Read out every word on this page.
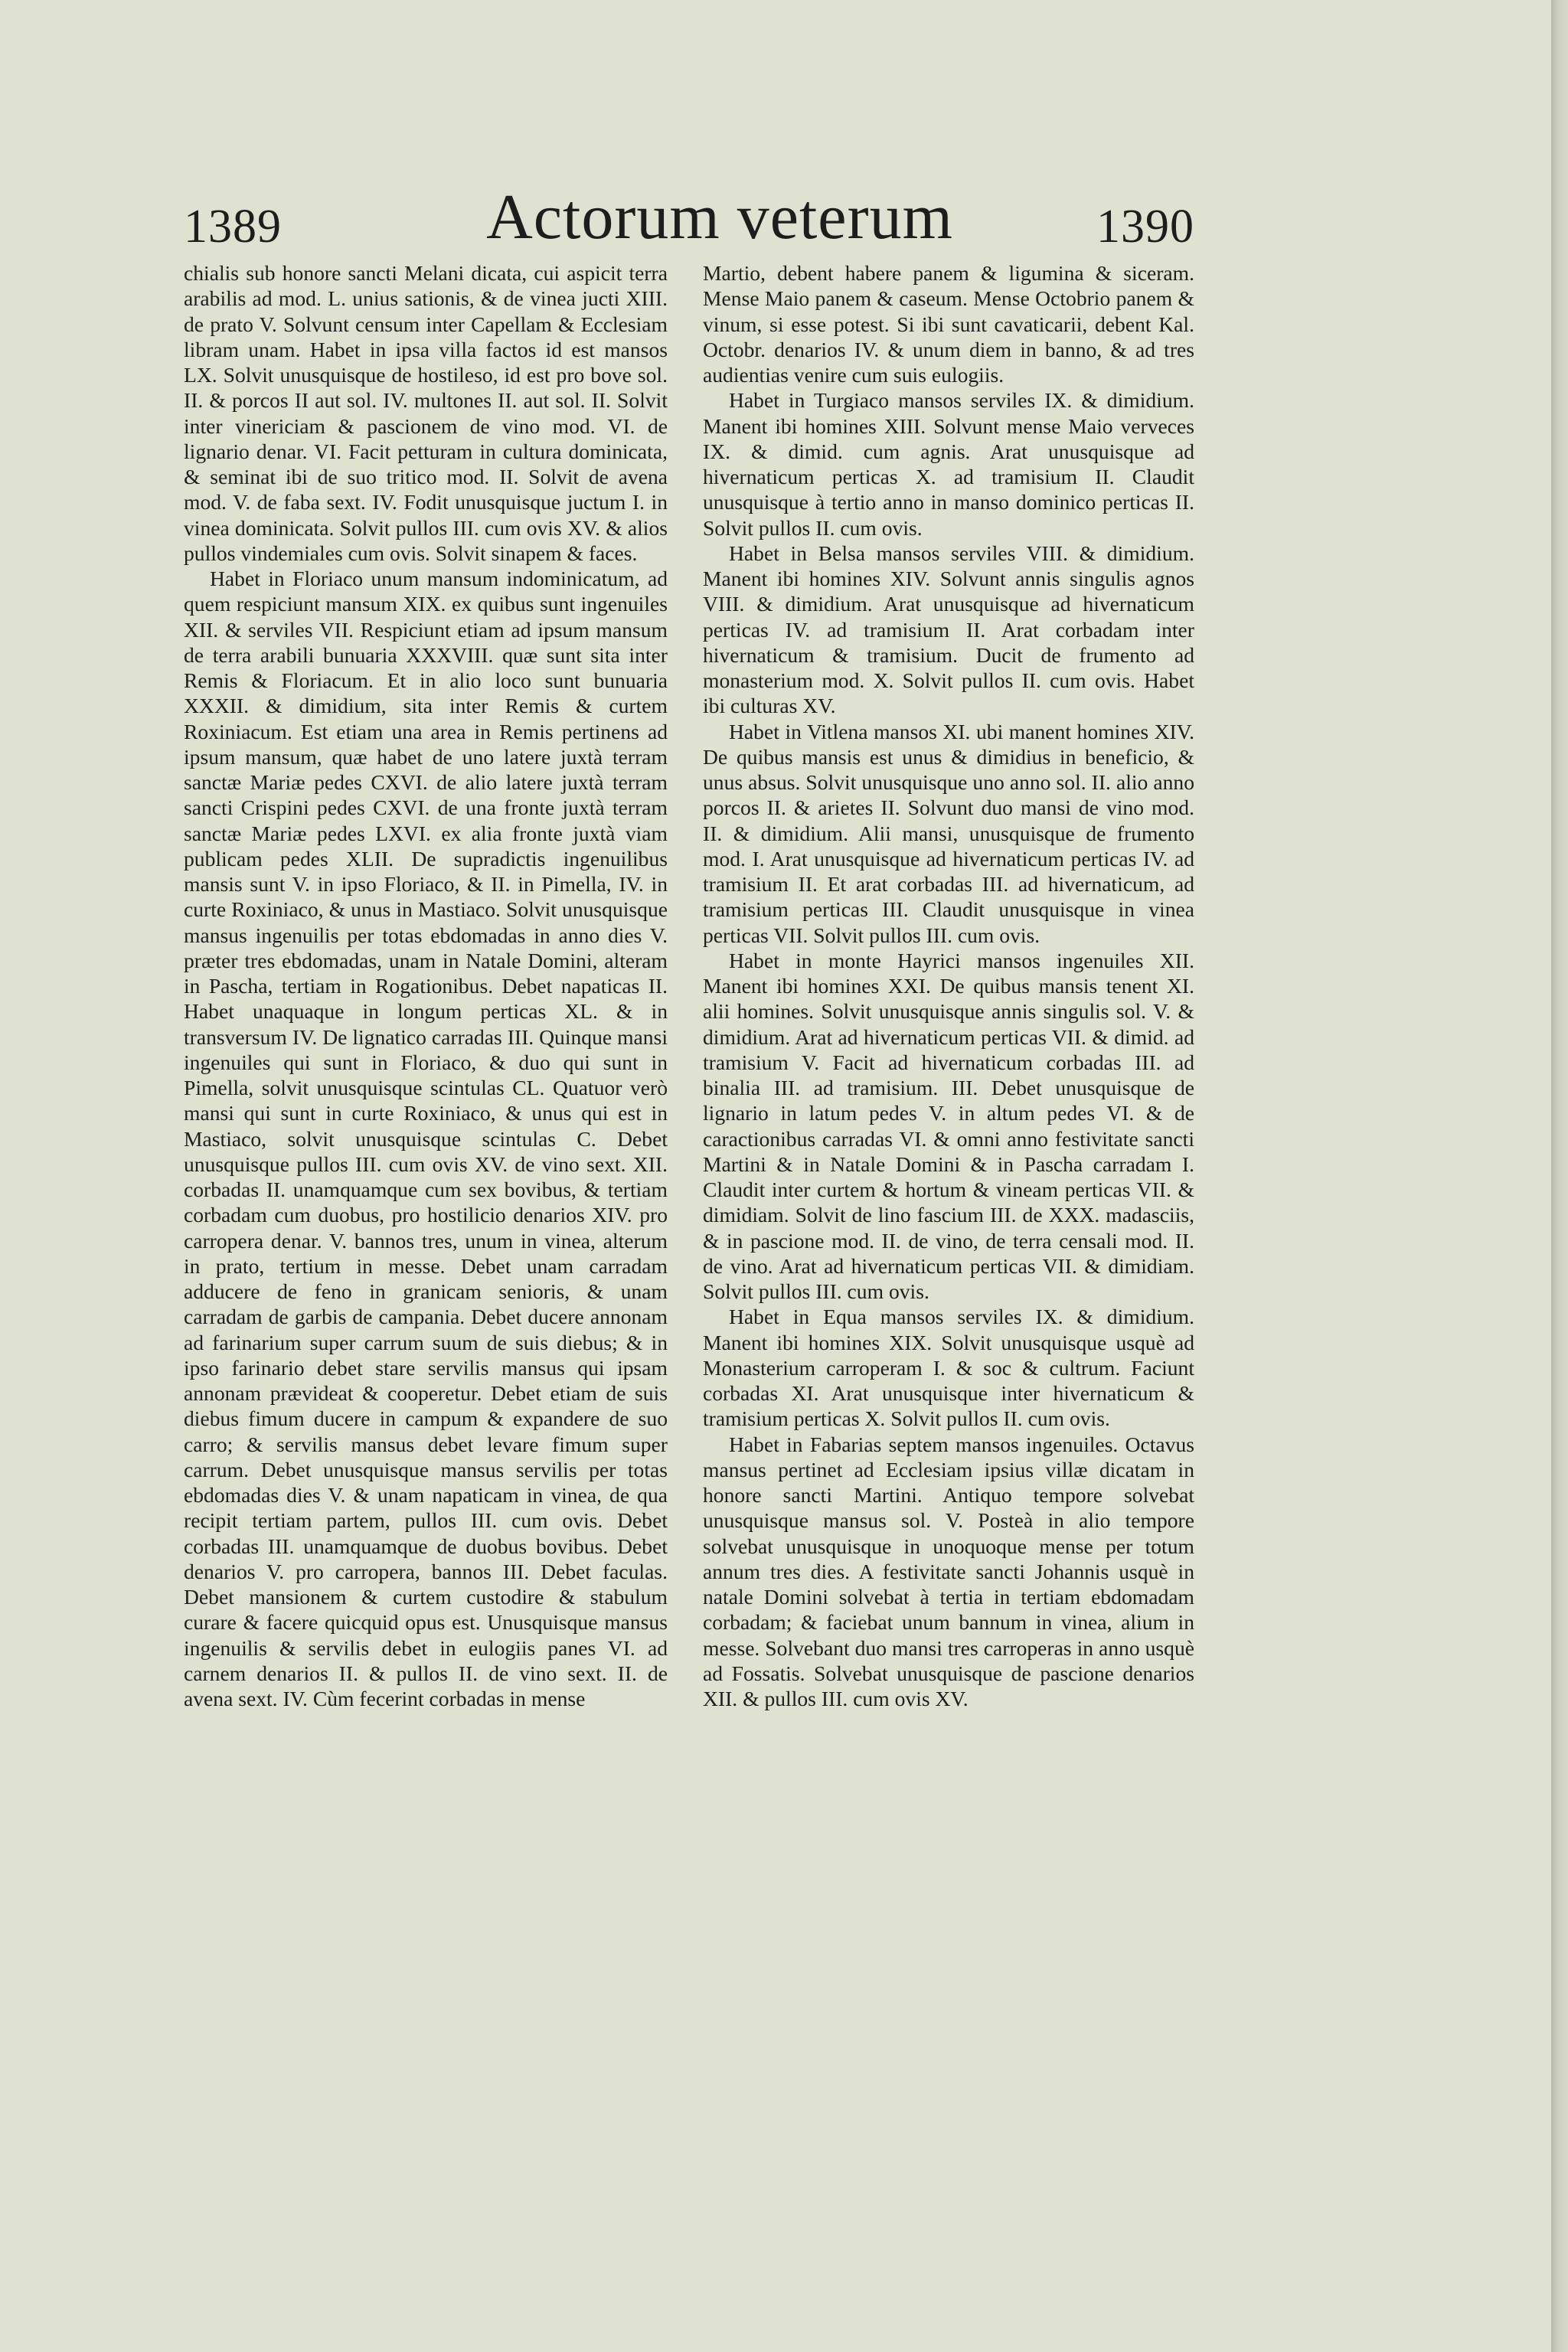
1389	Actorum veterum	1390

chialis sub honore sancti Melani dicata, cui aspicit terra arabilis ad mod. L. unius sationis, & de vinea jucti XIII. de prato V. Solvunt censum inter Capellam & Ecclesiam libram unam. Habet in ipsa villa factos id est mansos LX. Solvit unusquisque de hostileso, id est pro bove sol. II. & porcos II aut sol. IV. multones II. aut sol. II. Solvit inter vinericiam & pascionem de vino mod. VI. de lignario denar. VI. Facit petturam in cultura dominicata, & seminat ibi de suo tritico mod. II. Solvit de avena mod. V. de faba sext. IV. Fodit unusquisque juctum I. in vinea dominicata. Solvit pullos III. cum ovis XV. & alios pullos vindemiales cum ovis. Solvit sinapem & faces.

Habet in Floriaco unum mansum indominicatum, ad quem respiciunt mansum XIX. ex quibus sunt ingenuiles XII. & serviles VII. Respiciunt etiam ad ipsum mansum de terra arabili bunuaria XXXVIII. quæ sunt sita inter Remis & Floriacum. Et in alio loco sunt bunuaria XXXII. & dimidium, sita inter Remis & curtem Roxiniacum. Est etiam una area in Remis pertinens ad ipsum mansum, quæ habet de uno latere juxtà terram sanctæ Mariæ pedes CXVI. de alio latere juxtà terram sancti Crispini pedes CXVI. de una fronte juxtà terram sanctæ Mariæ pedes LXVI. ex alia fronte juxtà viam publicam pedes XLII. De supradictis ingenuilibus mansis sunt V. in ipso Floriaco, & II. in Pimella, IV. in curte Roxiniaco, & unus in Mastiaco. Solvit unusquisque mansus ingenuilis per totas ebdomadas in anno dies V. præter tres ebdomadas, unam in Natale Domini, alteram in Pascha, tertiam in Rogationibus. Debet napaticas II. Habet unaquaque in longum perticas XL. & in transversum IV. De lignatico carradas III. Quinque mansi ingenuiles qui sunt in Floriaco, & duo qui sunt in Pimella, solvit unusquisque scintulas CL. Quatuor verò mansi qui sunt in curte Roxiniaco, & unus qui est in Mastiaco, solvit unusquisque scintulas C. Debet unusquisque pullos III. cum ovis XV. de vino sext. XII. corbadas II. unamquamque cum sex bovibus, & tertiam corbadam cum duobus, pro hostilicio denarios XIV. pro carropera denar. V. bannos tres, unum in vinea, alterum in prato, tertium in messe. Debet unam carradam adducere de feno in granicam senioris, & unam carradam de garbis de campania. Debet ducere annonam ad farinarium super carrum suum de suis diebus; & in ipso farinario debet stare servilis mansus qui ipsam annonam prævideat & cooperetur. Debet etiam de suis diebus fimum ducere in campum & expandere de suo carro; & servilis mansus debet levare fimum super carrum. Debet unusquisque mansus servilis per totas ebdomadas dies V. & unam napaticam in vinea, de qua recipit tertiam partem, pullos III. cum ovis. Debet corbadas III. unamquamque de duobus bovibus. Debet denarios V. pro carropera, bannos III. Debet faculas. Debet mansionem & curtem custodire & stabulum curare & facere quicquid opus est. Unusquisque mansus ingenuilis & servilis debet in eulogiis panes VI. ad carnem denarios II. & pullos II. de vino sext. II. de avena sext. IV. Cùm fecerint corbadas in mense

Martio, debent habere panem & ligumina & siceram. Mense Maio panem & caseum. Mense Octobrio panem & vinum, si esse potest. Si ibi sunt cavaticarii, debent Kal. Octobr. denarios IV. & unum diem in banno, & ad tres audientias venire cum suis eulogiis.

Habet in Turgiaco mansos serviles IX. & dimidium. Manent ibi homines XIII. Solvunt mense Maio verveces IX. & dimid. cum agnis. Arat unusquisque ad hivernaticum perticas X. ad tramisium II. Claudit unusquisque à tertio anno in manso dominico perticas II. Solvit pullos II. cum ovis.

Habet in Belsa mansos serviles VIII. & dimidium. Manent ibi homines XIV. Solvunt annis singulis agnos VIII. & dimidium. Arat unusquisque ad hivernaticum perticas IV. ad tramisium II. Arat corbadam inter hivernaticum & tramisium. Ducit de frumento ad monasterium mod. X. Solvit pullos II. cum ovis. Habet ibi culturas XV.

Habet in Vitlena mansos XI. ubi manent homines XIV. De quibus mansis est unus & dimidius in beneficio, & unus absus. Solvit unusquisque uno anno sol. II. alio anno porcos II. & arietes II. Solvunt duo mansi de vino mod. II. & dimidium. Alii mansi, unusquisque de frumento mod. I. Arat unusquisque ad hivernaticum perticas IV. ad tramisium II. Et arat corbadas III. ad hivernaticum, ad tramisium perticas III. Claudit unusquisque in vinea perticas VII. Solvit pullos III. cum ovis.

Habet in monte Hayrici mansos ingenuiles XII. Manent ibi homines XXI. De quibus mansis tenent XI. alii homines. Solvit unusquisque annis singulis sol. V. & dimidium. Arat ad hivernaticum perticas VII. & dimid. ad tramisium V. Facit ad hivernaticum corbadas III. ad binalia III. ad tramisium. III. Debet unusquisque de lignario in latum pedes V. in altum pedes VI. & de caractionibus carradas VI. & omni anno festivitate sancti Martini & in Natale Domini & in Pascha carradam I. Claudit inter curtem & hortum & vineam perticas VII. & dimidiam. Solvit de lino fascium III. de XXX. madasciis, & in pascione mod. II. de vino, de terra censali mod. II. de vino. Arat ad hivernaticum perticas VII. & dimidiam. Solvit pullos III. cum ovis.

Habet in Equa mansos serviles IX. & dimidium. Manent ibi homines XIX. Solvit unusquisque usquè ad Monasterium carroperam I. & soc & cultrum. Faciunt corbadas XI. Arat unusquisque inter hivernaticum & tramisium perticas X. Solvit pullos II. cum ovis.

Habet in Fabarias septem mansos ingenuiles. Octavus mansus pertinet ad Ecclesiam ipsius villæ dicatam in honore sancti Martini. Antiquo tempore solvebat unusquisque mansus sol. V. Posteà in alio tempore solvebat unusquisque in unoquoque mense per totum annum tres dies. A festivitate sancti Johannis usquè in natale Domini solvebat à tertia in tertiam ebdomadam corbadam; & faciebat unum bannum in vinea, alium in messe. Solvebant duo mansi tres carroperas in anno usquè ad Fossatis. Solvebat unusquisque de pascione denarios XII. & pullos III. cum ovis XV.
